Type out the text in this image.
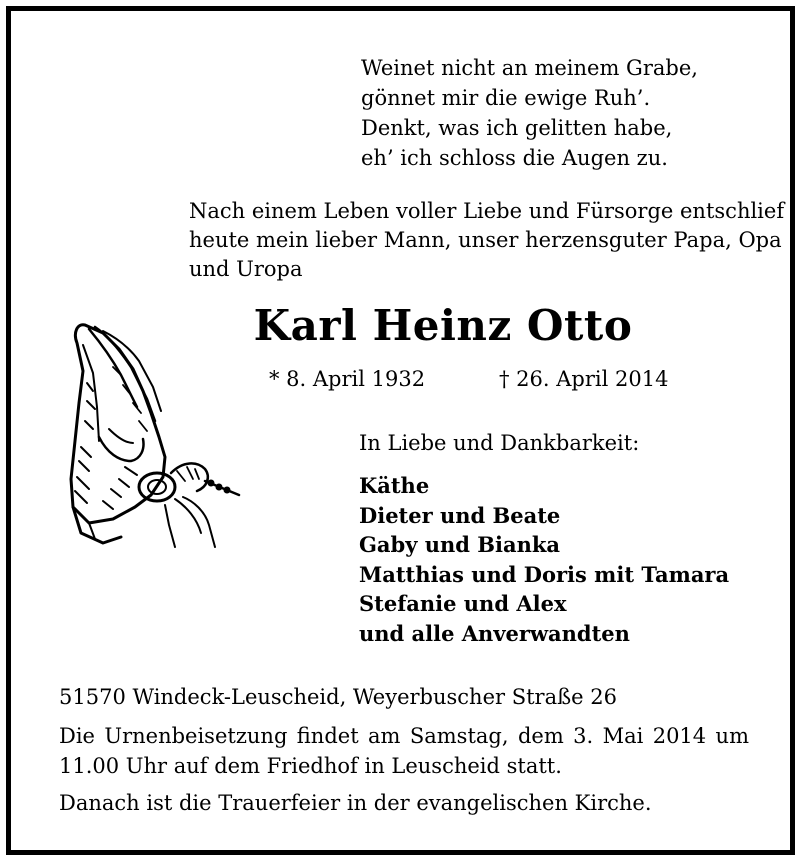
Weinet nicht an meinem Grabe,
gönnet mir die ewige Ruh’.
Denkt, was ich gelitten habe,
eh’ ich schloss die Augen zu.
Nach einem Leben voller Liebe und Fürsorge entschlief
heute mein lieber Mann, unser herzensguter Papa, Opa
und Uropa
Karl Heinz Otto
* 8. April 1932	† 26. April 2014
In Liebe und Dankbarkeit:
Käthe
Dieter und Beate
Gaby und Bianka
Matthias und Doris mit Tamara
Stefanie und Alex
und alle Anverwandten
51570 Windeck-Leuscheid, Weyerbuscher Straße 26
Die Urnenbeisetzung findet am Samstag, dem 3. Mai 2014 um 11.00 Uhr auf dem Friedhof in Leuscheid statt.
Danach ist die Trauerfeier in der evangelischen Kirche.
